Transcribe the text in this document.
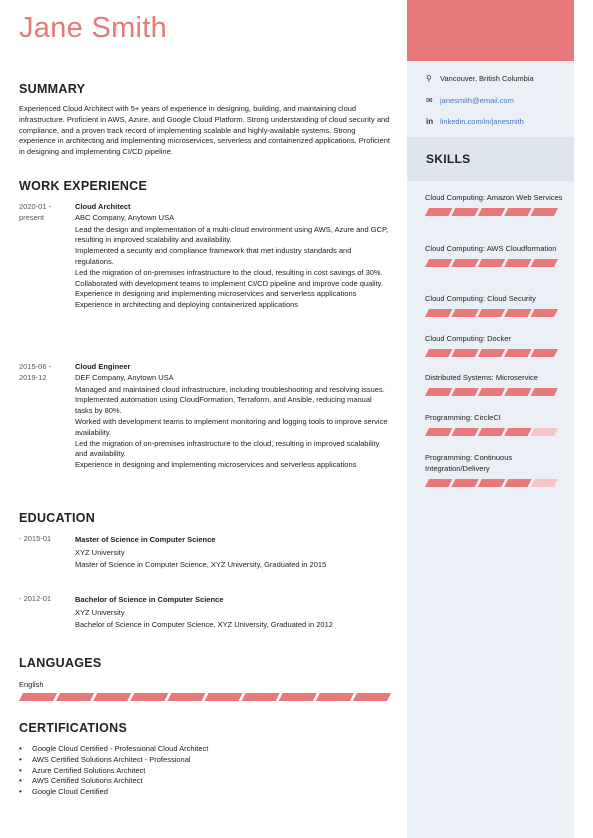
Jane Smith
SUMMARY
Experienced Cloud Architect with 5+ years of experience in designing, building, and maintaining cloud infrastructure. Proficient in AWS, Azure, and Google Cloud Platform. Strong understanding of cloud security and compliance, and a proven track record of implementing scalable and highly-available systems. Strong experience in architecting and implementing microservices, serverless and containerized applications. Proficient in designing and implementing CI/CD pipeline.
WORK EXPERIENCE
2020-01 -
present
Cloud Architect
ABC Company, Anytown USA
Lead the design and implementation of a multi-cloud environment using AWS, Azure and GCP, resulting in improved scalability and availability.
Implemented a security and compliance framework that met industry standards and regulations.
Led the migration of on-premises infrastructure to the cloud, resulting in cost savings of 30%.
Collaborated with development teams to implement CI/CD pipeline and improve code quality.
Experience in designing and implementing microservices and serverless applications
Experience in architecting and deploying containerized applications
2015-06 -
2019-12
Cloud Engineer
DEF Company, Anytown USA
Managed and maintained cloud infrastructure, including troubleshooting and resolving issues.
Implemented automation using CloudFormation, Terraform, and Ansible, reducing manual tasks by 80%.
Worked with development teams to implement monitoring and logging tools to improve service availability.
Led the migration of on-premises infrastructure to the cloud, resulting in improved scalability and availability.
Experience in designing and implementing microservices and serverless applications
EDUCATION
- 2015-01	Master of Science in Computer Science
XYZ University
Master of Science in Computer Science, XYZ University, Graduated in 2015
- 2012-01	Bachelor of Science in Computer Science
XYZ University
Bachelor of Science in Computer Science, XYZ University, Graduated in 2012
LANGUAGES
English
CERTIFICATIONS
• Google Cloud Certified - Professional Cloud Architect
• AWS Certified Solutions Architect - Professional
• Azure Certified Solutions Architect
• AWS Certified Solutions Architect
• Google Cloud Certified
⚲ Vancouver, British Columbia
✉ janesmith@email.com
in linkedin.com/in/janesmith
SKILLS
Cloud Computing: Amazon Web Services
Cloud Computing: AWS Cloudformation
Cloud Computing: Cloud Security
Cloud Computing: Docker
Distributed Systems: Microservice
Programming: CircleCI
Programming: Continuous Integration/Delivery
